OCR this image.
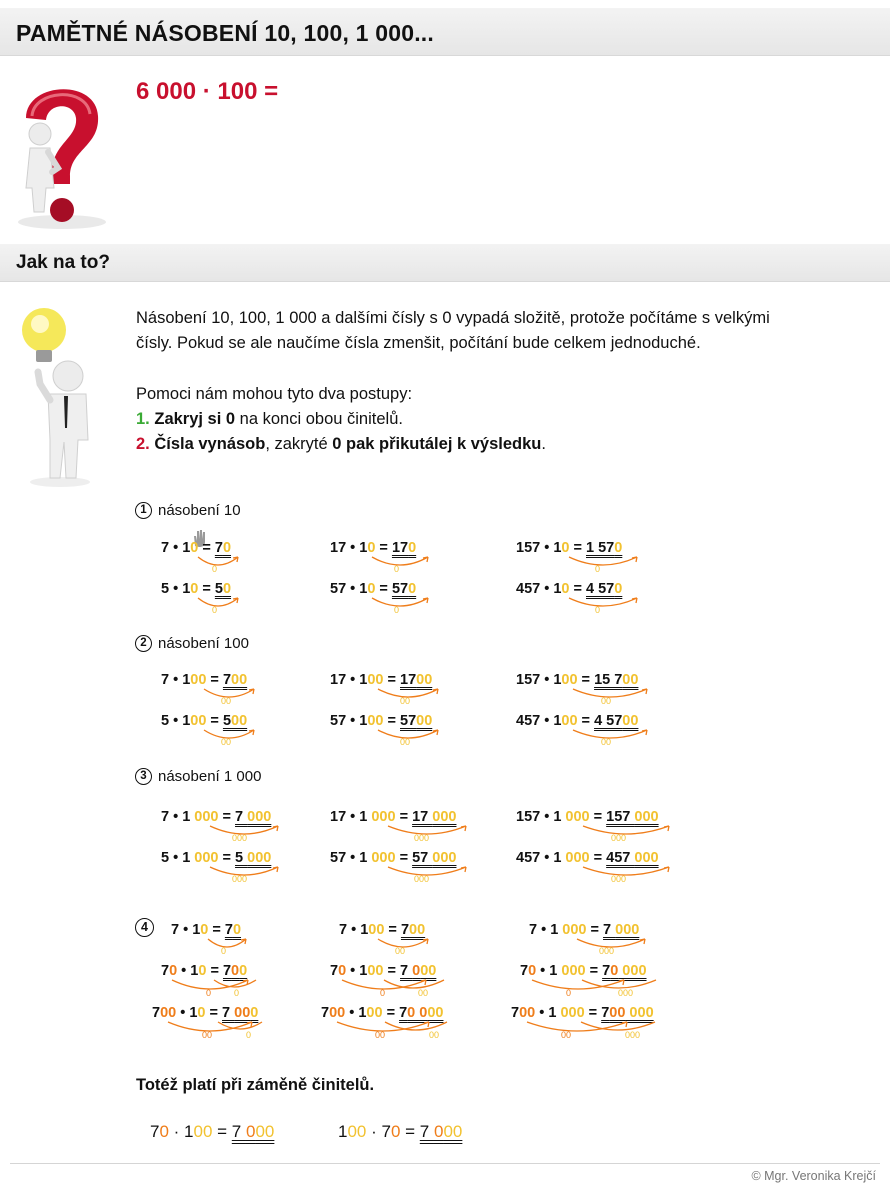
PAMĚTNÉ NÁSOBENÍ 10, 100, 1 000...
6 000 · 100 =
Jak na to?
Násobení 10, 100, 1 000 a dalšími čísly s 0 vypadá složitě, protože počítáme s velkými
čísly. Pokud se ale naučíme čísla zmenšit, počítání bude celkem jednoduché.
Pomoci nám mohou tyto dva postupy:
1. Zakryj si 0 na konci obou činitelů.
2. Čísla vynásob, zakryté 0 pak přikutálej k výsledku.
1 násobení 10
7 • 10 = 70	17 • 10 = 170	157 • 10 = 1 570
5 • 10 = 50	57 • 10 = 570	457 • 10 = 4 570
2 násobení 100
7 • 100 = 700	17 • 100 = 1700	157 • 100 = 15 700
5 • 100 = 500	57 • 100 = 5700	457 • 100 = 4 5700
3 násobení 1 000
7 • 1 000 = 7 000	17 • 1 000 = 17 000	157 • 1 000 = 157 000
5 • 1 000 = 5 000	57 • 1 000 = 57 000	457 • 1 000 = 457 000
4	7 • 10 = 70	7 • 100 = 700	7 • 1 000 = 7 000
70 • 10 = 700	70 • 100 = 7 000	70 • 1 000 = 70 000
700 • 10 = 7 000	700 • 100 = 70 000	700 • 1 000 = 700 000
0	0	0
0	0	0
00	00	00
00	00	00
000	000	000
000	000	000
0	00	000
0	0	0	00	0	000
00	0	00	00	00	000
Totéž platí při záměně činitelů.
70 · 100 = 7 000	100 · 70 = 7 000
© Mgr. Veronika Krejčí
